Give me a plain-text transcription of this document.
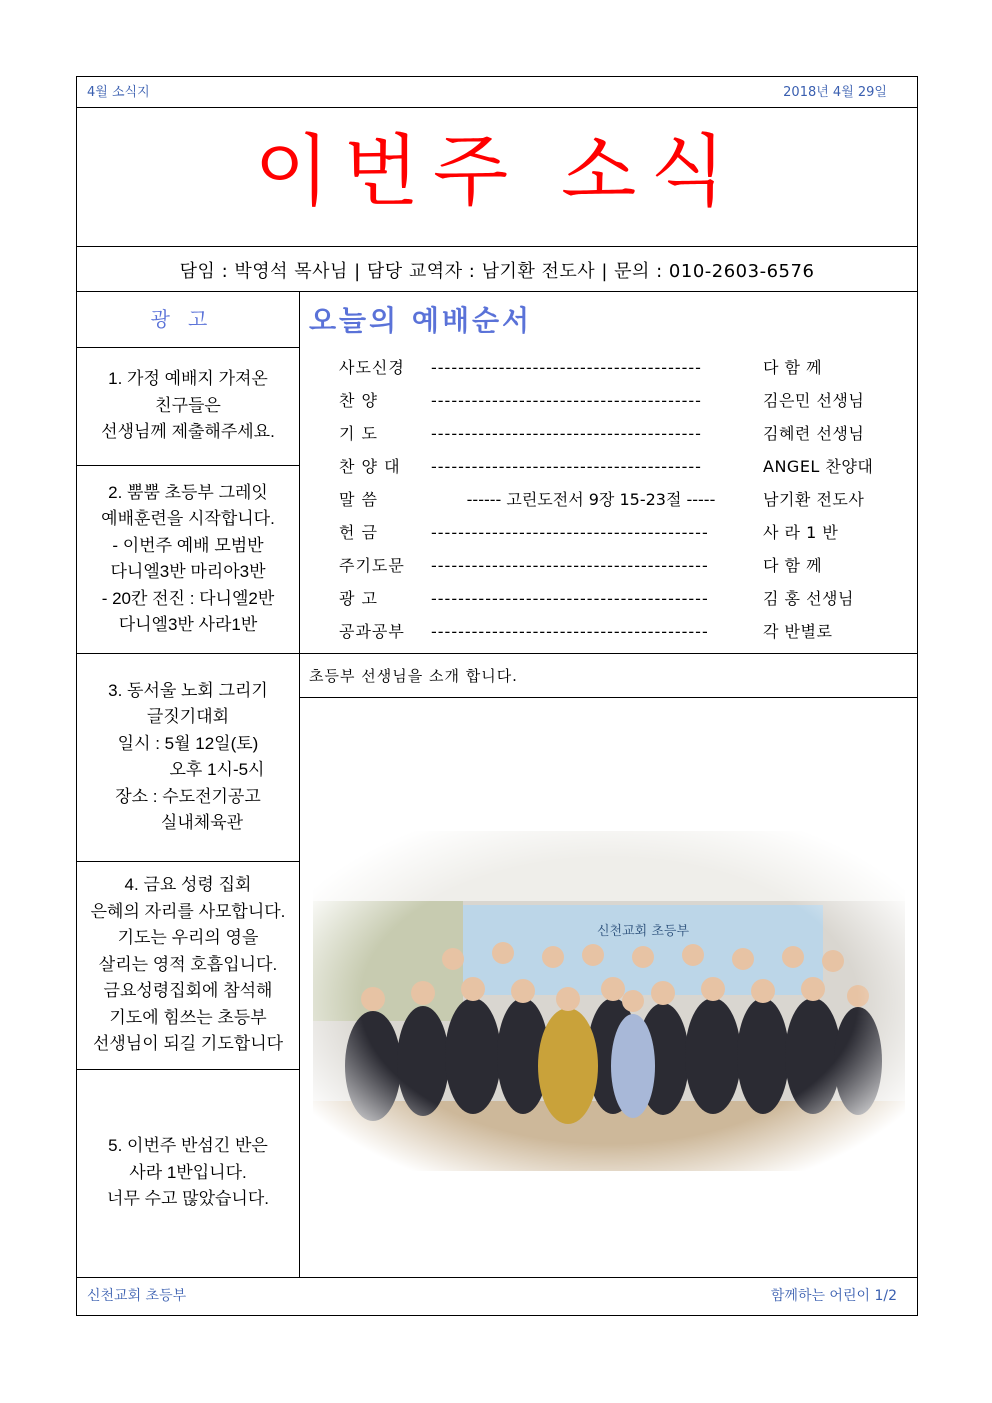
4월 소식지	2018년 4월 29일
이번주 소식
담임 : 박영석 목사님 | 담당 교역자 : 남기환 전도사 | 문의 : 010-2603-6576
광고
1. 가정 예배지 가져온
친구들은
선생님께 제출해주세요.
2. 뿜뿜 초등부 그레잇
예배훈련을 시작합니다.
- 이번주 예배 모범반
다니엘3반 마리아3반
- 20칸 전진 : 다니엘2반
다니엘3반 사라1반
3. 동서울 노회 그리기
글짓기대회
일시 : 5월 12일(토)
오후 1시-5시
장소 : 수도전기공고
실내체육관
4. 금요 성령 집회
은혜의 자리를 사모합니다.
기도는 우리의 영을
살리는 영적 호흡입니다.
금요성령집회에 참석해
기도에 힘쓰는 초등부
선생님이 되길 기도합니다
5. 이번주 반섬긴 반은
사라 1반입니다.
너무 수고 많았습니다.
오늘의 예배순서
사도신경	----------------------------------------	다 함 께
찬 양	----------------------------------------	김은민 선생님
기 도	----------------------------------------	김혜련 선생님
찬 양 대	----------------------------------------	ANGEL 찬양대
말 씀	------ 고린도전서 9장 15-23절 -----	남기환 전도사
헌 금	-----------------------------------------	사 라 1 반
주기도문	-----------------------------------------	다 함 께
광 고	-----------------------------------------	김 홍 선생님
공과공부	-----------------------------------------	각 반별로
초등부 선생님을 소개 합니다.
신천교회 초등부	함께하는 어린이 1/2
